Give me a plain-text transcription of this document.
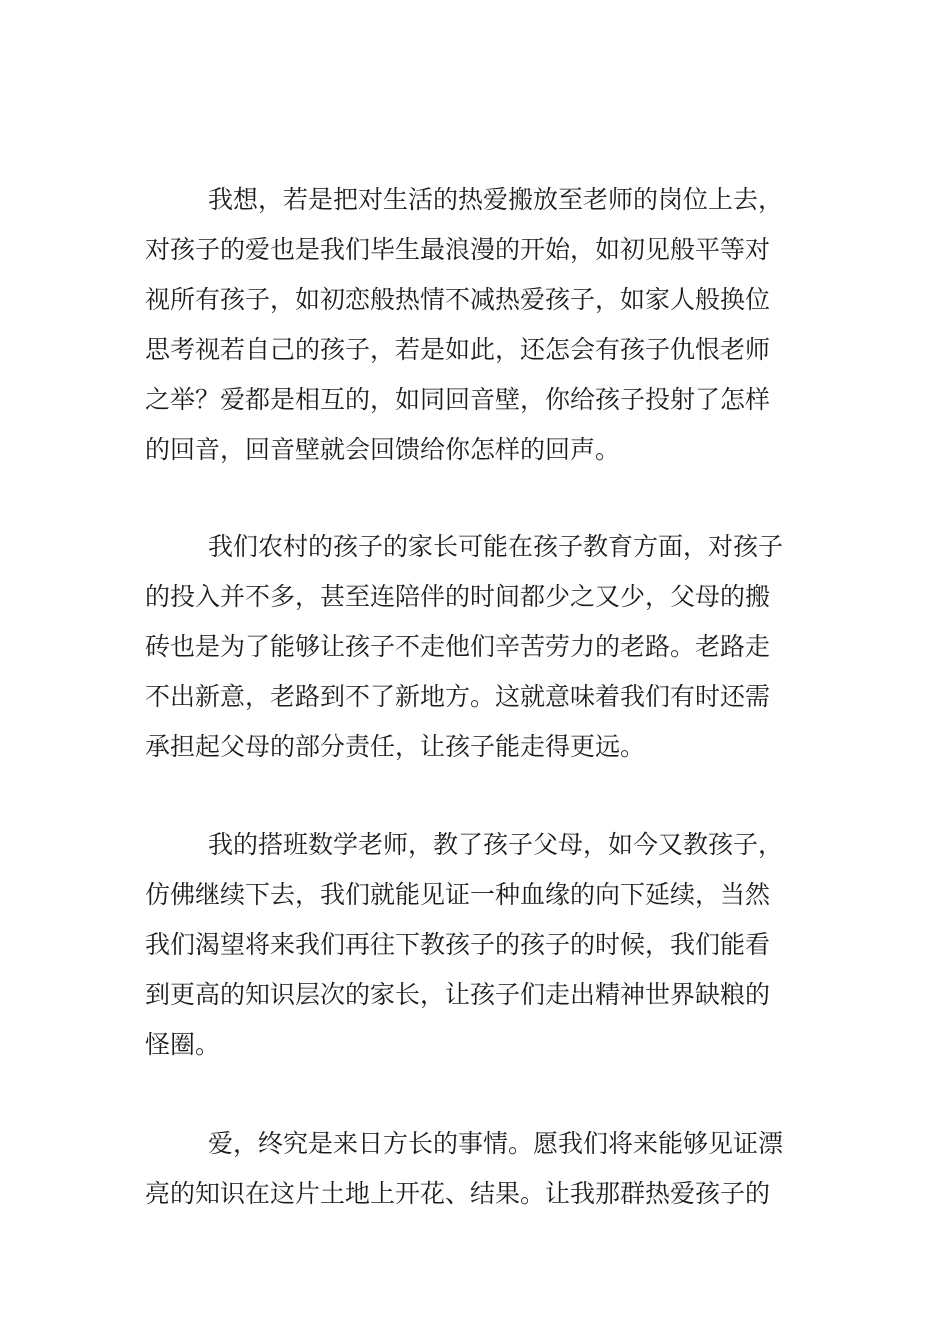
我想，若是把对生活的热爱搬放至老师的岗位上去，
对孩子的爱也是我们毕生最浪漫的开始，如初见般平等对
视所有孩子，如初恋般热情不减热爱孩子，如家人般换位
思考视若自己的孩子，若是如此，还怎会有孩子仇恨老师
之举？爱都是相互的，如同回音壁，你给孩子投射了怎样
的回音，回音壁就会回馈给你怎样的回声。

我们农村的孩子的家长可能在孩子教育方面，对孩子
的投入并不多，甚至连陪伴的时间都少之又少，父母的搬
砖也是为了能够让孩子不走他们辛苦劳力的老路。老路走
不出新意，老路到不了新地方。这就意味着我们有时还需
承担起父母的部分责任，让孩子能走得更远。

我的搭班数学老师，教了孩子父母，如今又教孩子，
仿佛继续下去，我们就能见证一种血缘的向下延续，当然
我们渴望将来我们再往下教孩子的孩子的时候，我们能看
到更高的知识层次的家长，让孩子们走出精神世界缺粮的
怪圈。

爱，终究是来日方长的事情。愿我们将来能够见证漂
亮的知识在这片土地上开花、结果。让我那群热爱孩子的
